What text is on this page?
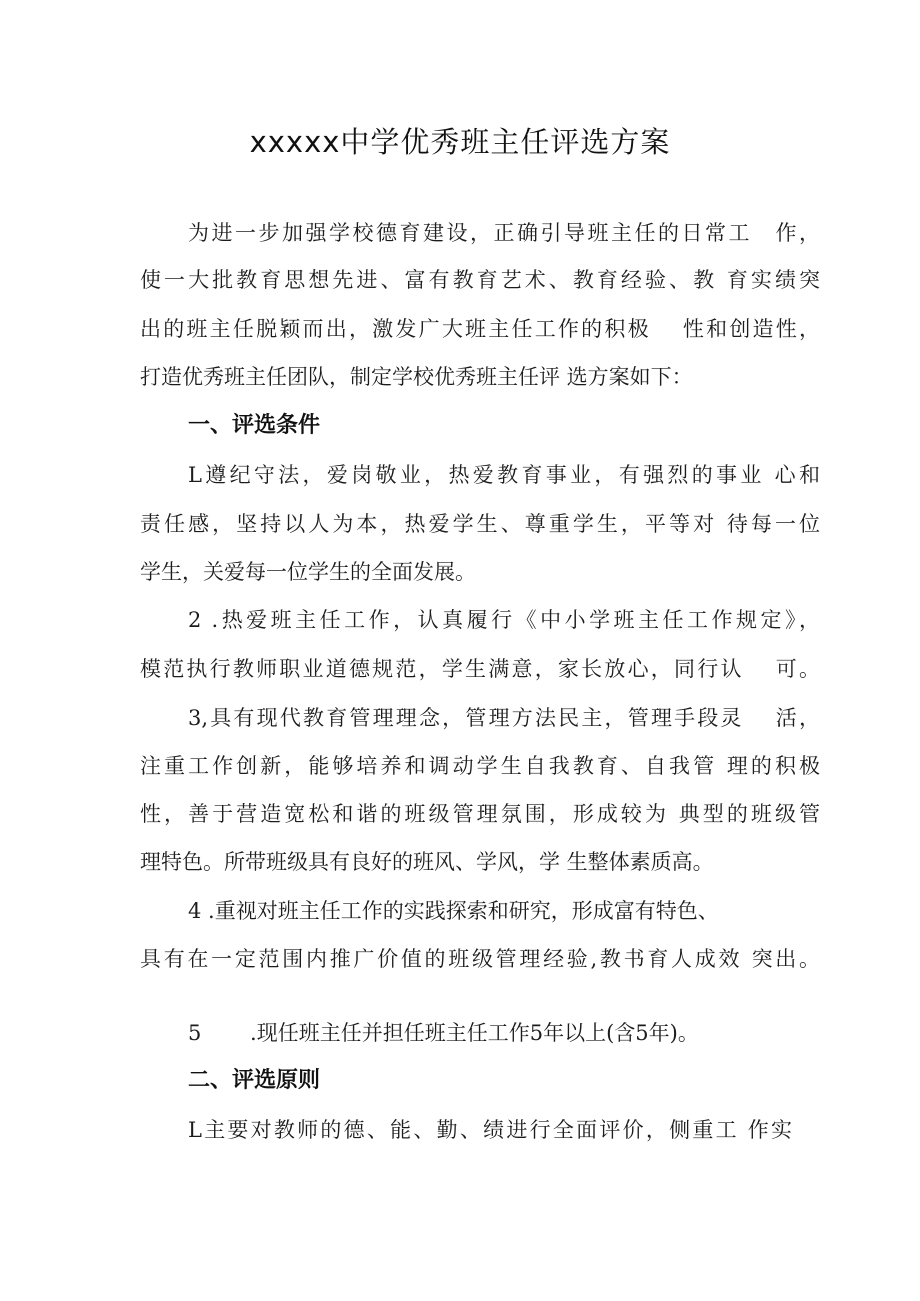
xxxxx中学优秀班主任评选方案
为进一步加强学校德育建设，正确引导班主任的日常工　作，
使一大批教育思想先进、富有教育艺术、教育经验、教 育实绩突
出的班主任脱颖而出，激发广大班主任工作的积极　 性和创造性，
打造优秀班主任团队，制定学校优秀班主任评 选方案如下：
一、评选条件
L遵纪守法，爱岗敬业，热爱教育事业，有强烈的事业 心和
责任感，坚持以人为本，热爱学生、尊重学生，平等对 待每一位
学生，关爱每一位学生的全面发展。
2 .热爱班主任工作，认真履行《中小学班主任工作规定》，
模范执行教师职业道德规范，学生满意，家长放心，同行认　 可。
3,具有现代教育管理理念，管理方法民主，管理手段灵　 活，
注重工作创新，能够培养和调动学生自我教育、自我管 理的积极
性，善于营造宽松和谐的班级管理氛围，形成较为 典型的班级管
理特色。所带班级具有良好的班风、学风，学 生整体素质高。
4 .重视对班主任工作的实践探索和研究，形成富有特色、
具有在一定范围内推广价值的班级管理经验,教书育人成效 突出。
5　　 .现任班主任并担任班主任工作5年以上(含5年)。
二、评选原则
L主要对教师的德、能、勤、绩进行全面评价，侧重工 作实
